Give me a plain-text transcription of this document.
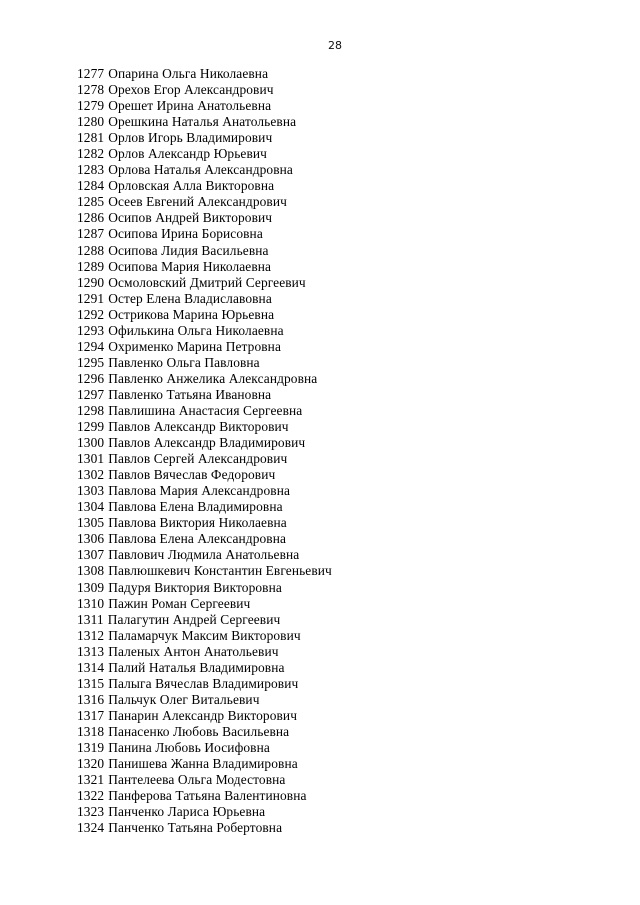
28
1277 Опарина Ольга Николаевна
1278 Орехов Егор Александрович
1279 Орешет Ирина Анатольевна
1280 Орешкина Наталья Анатольевна
1281 Орлов Игорь Владимирович
1282 Орлов Александр Юрьевич
1283 Орлова Наталья Александровна
1284 Орловская Алла Викторовна
1285 Осеев Евгений Александрович
1286 Осипов Андрей Викторович
1287 Осипова Ирина Борисовна
1288 Осипова Лидия Васильевна
1289 Осипова Мария Николаевна
1290 Осмоловский Дмитрий Сергеевич
1291 Остер Елена Владиславовна
1292 Острикова Марина Юрьевна
1293 Офилькина Ольга Николаевна
1294 Охрименко Марина Петровна
1295 Павленко Ольга Павловна
1296 Павленко Анжелика Александровна
1297 Павленко Татьяна Ивановна
1298 Павлишина Анастасия Сергеевна
1299 Павлов Александр Викторович
1300 Павлов Александр Владимирович
1301 Павлов Сергей Александрович
1302 Павлов Вячеслав Федорович
1303 Павлова Мария Александровна
1304 Павлова Елена Владимировна
1305 Павлова Виктория Николаевна
1306 Павлова Елена Александровна
1307 Павлович Людмила Анатольевна
1308 Павлюшкевич Константин Евгеньевич
1309 Падуря Виктория Викторовна
1310 Пажин Роман Сергеевич
1311 Палагутин Андрей Сергеевич
1312 Паламарчук Максим Викторович
1313 Паленых Антон Анатольевич
1314 Палий Наталья Владимировна
1315 Палыга Вячеслав Владимирович
1316 Пальчук Олег Витальевич
1317 Панарин Александр Викторович
1318 Панасенко Любовь Васильевна
1319 Панина Любовь Иосифовна
1320 Панишева Жанна Владимировна
1321 Пантелеева Ольга Модестовна
1322 Панферова Татьяна Валентиновна
1323 Панченко Лариса Юрьевна
1324 Панченко Татьяна Робертовна
